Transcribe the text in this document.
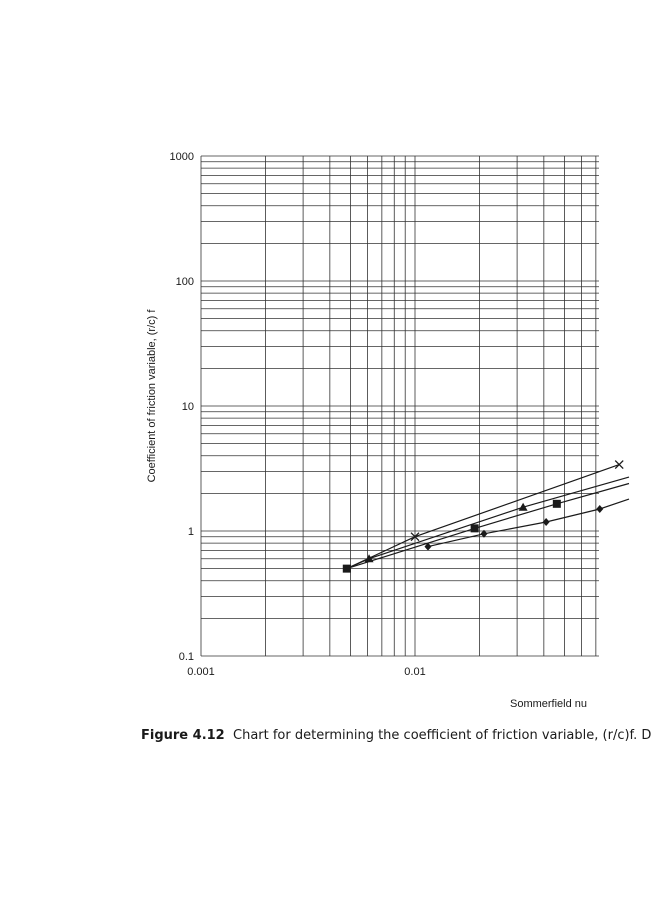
0.1
1
10
100
1000
0.001	0.01
Sommerfield nu
Coefficient of friction variable, (r/c) f
Figure 4.12 Chart for determining the coefficient of friction variable, (r/c)f. D
